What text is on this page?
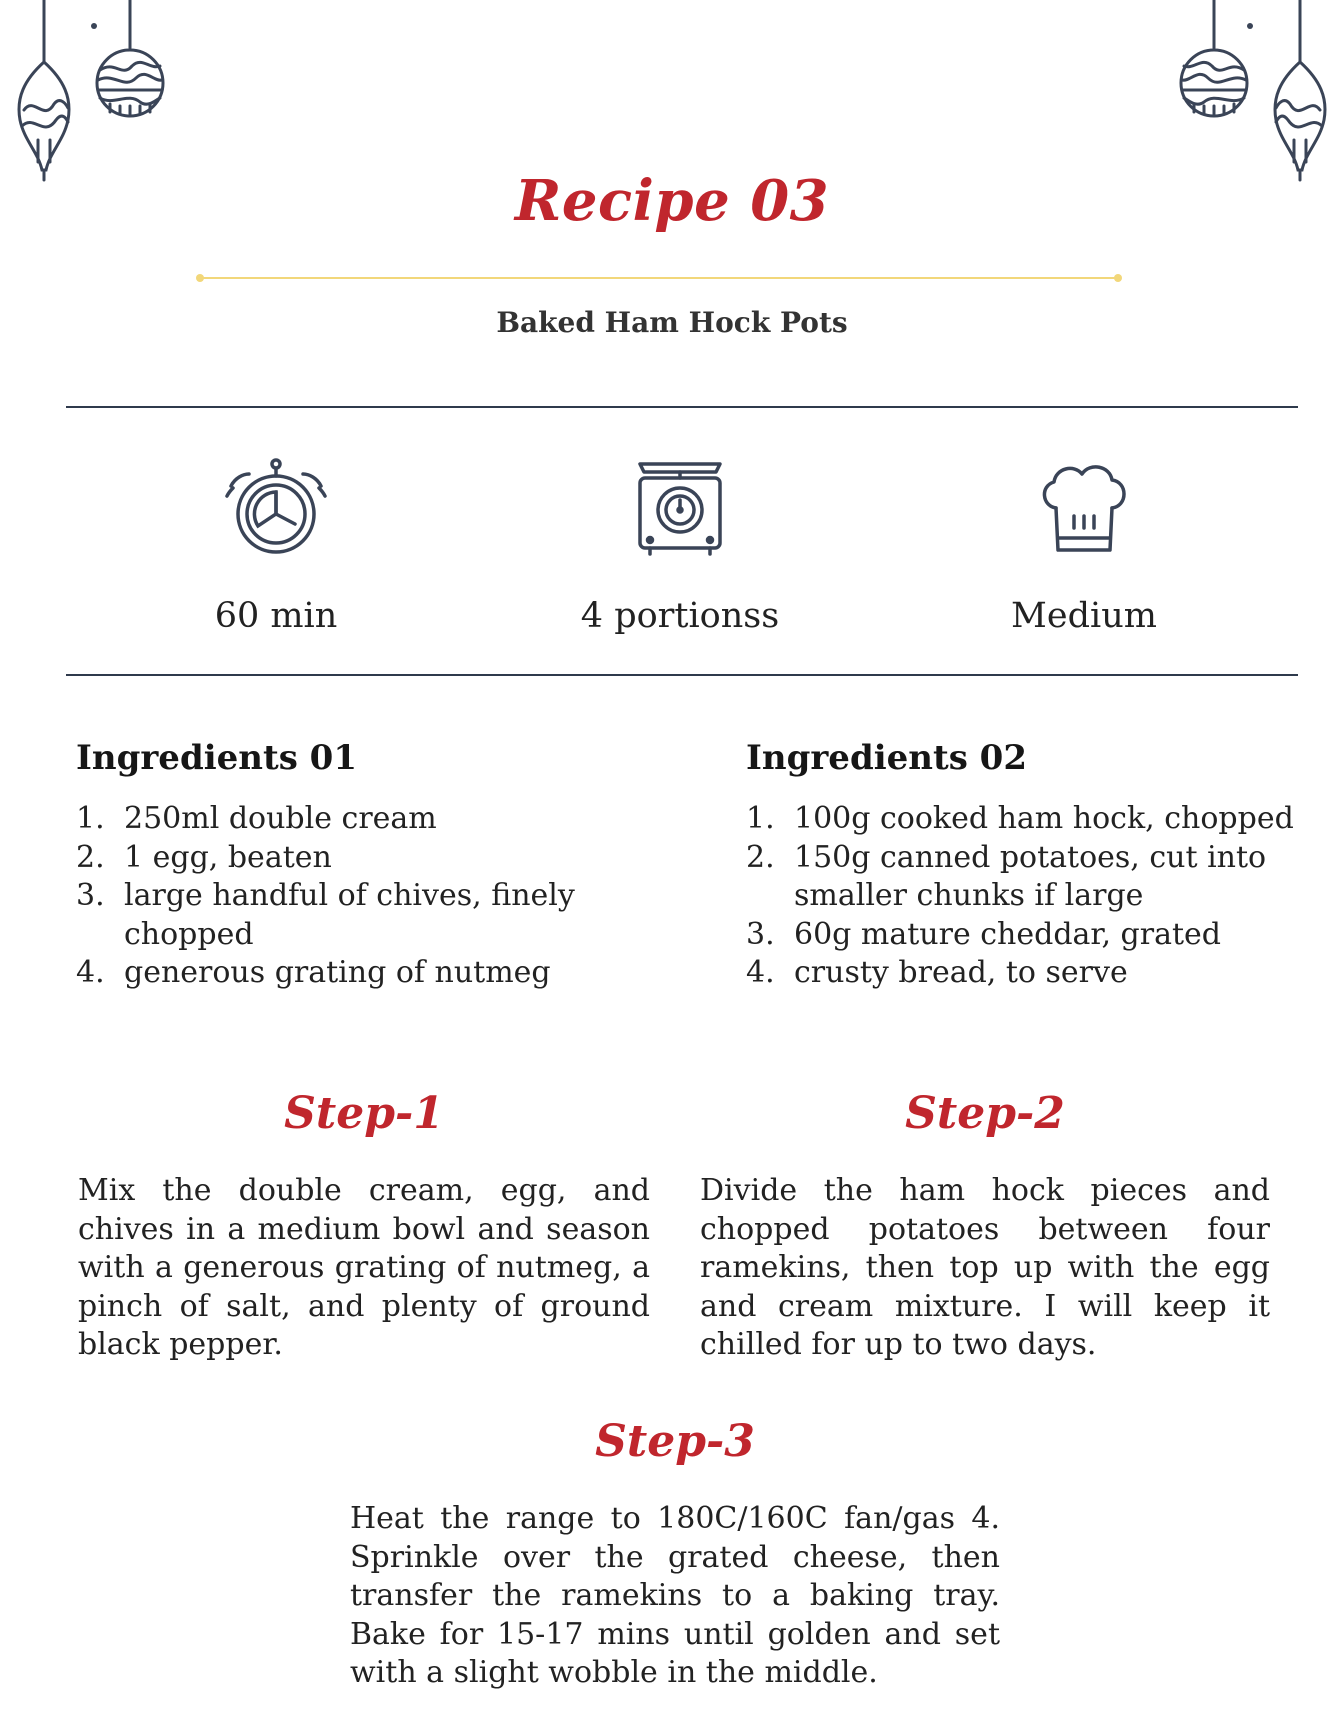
Recipe 03
Baked Ham Hock Pots
60 min	4 portionss	Medium
Ingredients 01
1. 250ml double cream
2. 1 egg, beaten
3. large handful of chives, finely chopped
4. generous grating of nutmeg
Ingredients 02
1. 100g cooked ham hock, chopped
2. 150g canned potatoes, cut into smaller chunks if large
3. 60g mature cheddar, grated
4. crusty bread, to serve
Step-1

Mix the double cream, egg, and chives in a medium bowl and season with a generous grating of nutmeg, a pinch of salt, and plenty of ground black pepper.

Step-2

Divide the ham hock pieces and chopped potatoes between four ramekins, then top up with the egg and cream mixture. I will keep it chilled for up to two days.

Step-3

Heat the range to 180C/160C fan/gas 4. Sprinkle over the grated cheese, then transfer the ramekins to a baking tray. Bake for 15-17 mins until golden and set with a slight wobble in the middle.
